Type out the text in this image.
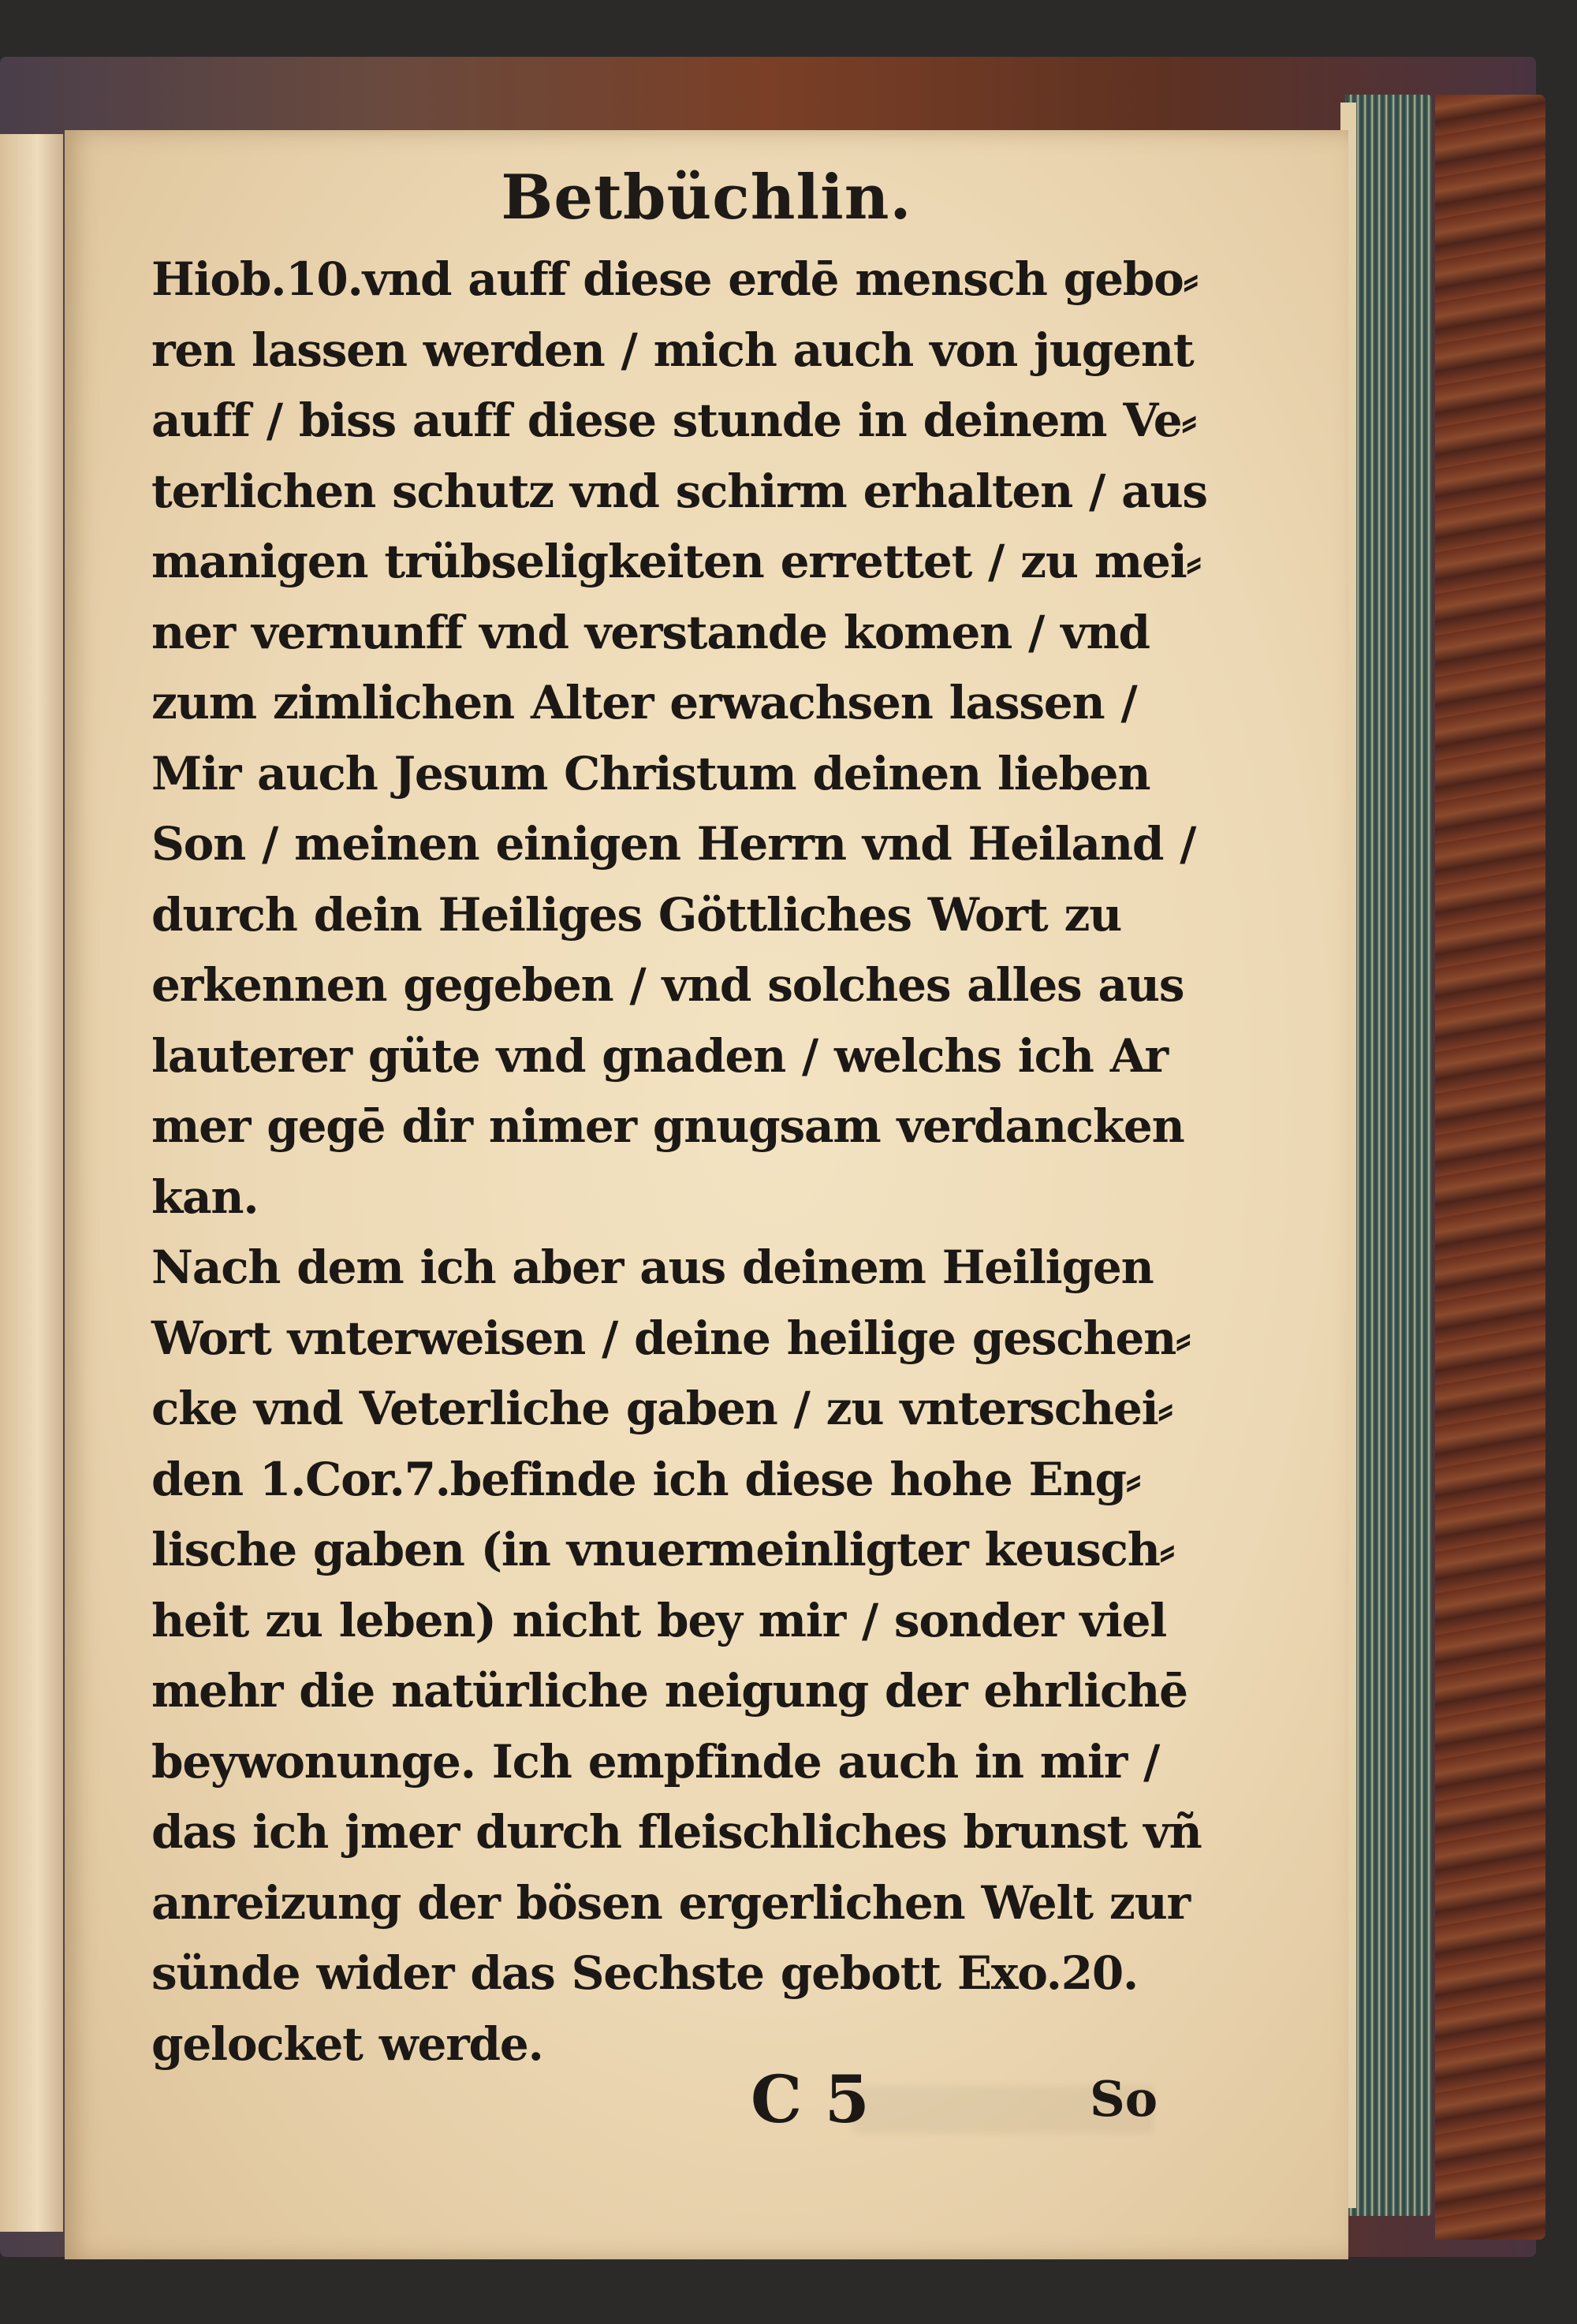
Betbüchlin.
Hiob.10.vnd auff diese erdē mensch gebo⸗
ren lassen werden / mich auch von jugent
auff / biss auff diese stunde in deinem Ve⸗
terlichen schutz vnd schirm erhalten / aus
manigen trübseligkeiten errettet / zu mei⸗
ner vernunff vnd verstande komen / vnd
zum zimlichen Alter erwachsen lassen /
Mir auch Jesum Christum deinen lieben
Son / meinen einigen Herrn vnd Heiland /
durch dein Heiliges Göttliches Wort zu
erkennen gegeben / vnd solches alles aus
lauterer güte vnd gnaden / welchs ich Ar
mer gegē dir nimer gnugsam verdancken
kan.
Nach dem ich aber aus deinem Heiligen
Wort vnterweisen / deine heilige geschen⸗
cke vnd Veterliche gaben / zu vnterschei⸗
den 1.Cor.7.befinde ich diese hohe Eng⸗
lische gaben (in vnuermeinligter keusch⸗
heit zu leben) nicht bey mir / sonder viel
mehr die natürliche neigung der ehrlichē
beywonunge. Ich empfinde auch in mir /
das ich jmer durch fleischliches brunst vñ
anreizung der bösen ergerlichen Welt zur
sünde wider das Sechste gebott Exo.20.
gelocket werde.
C 5	So
